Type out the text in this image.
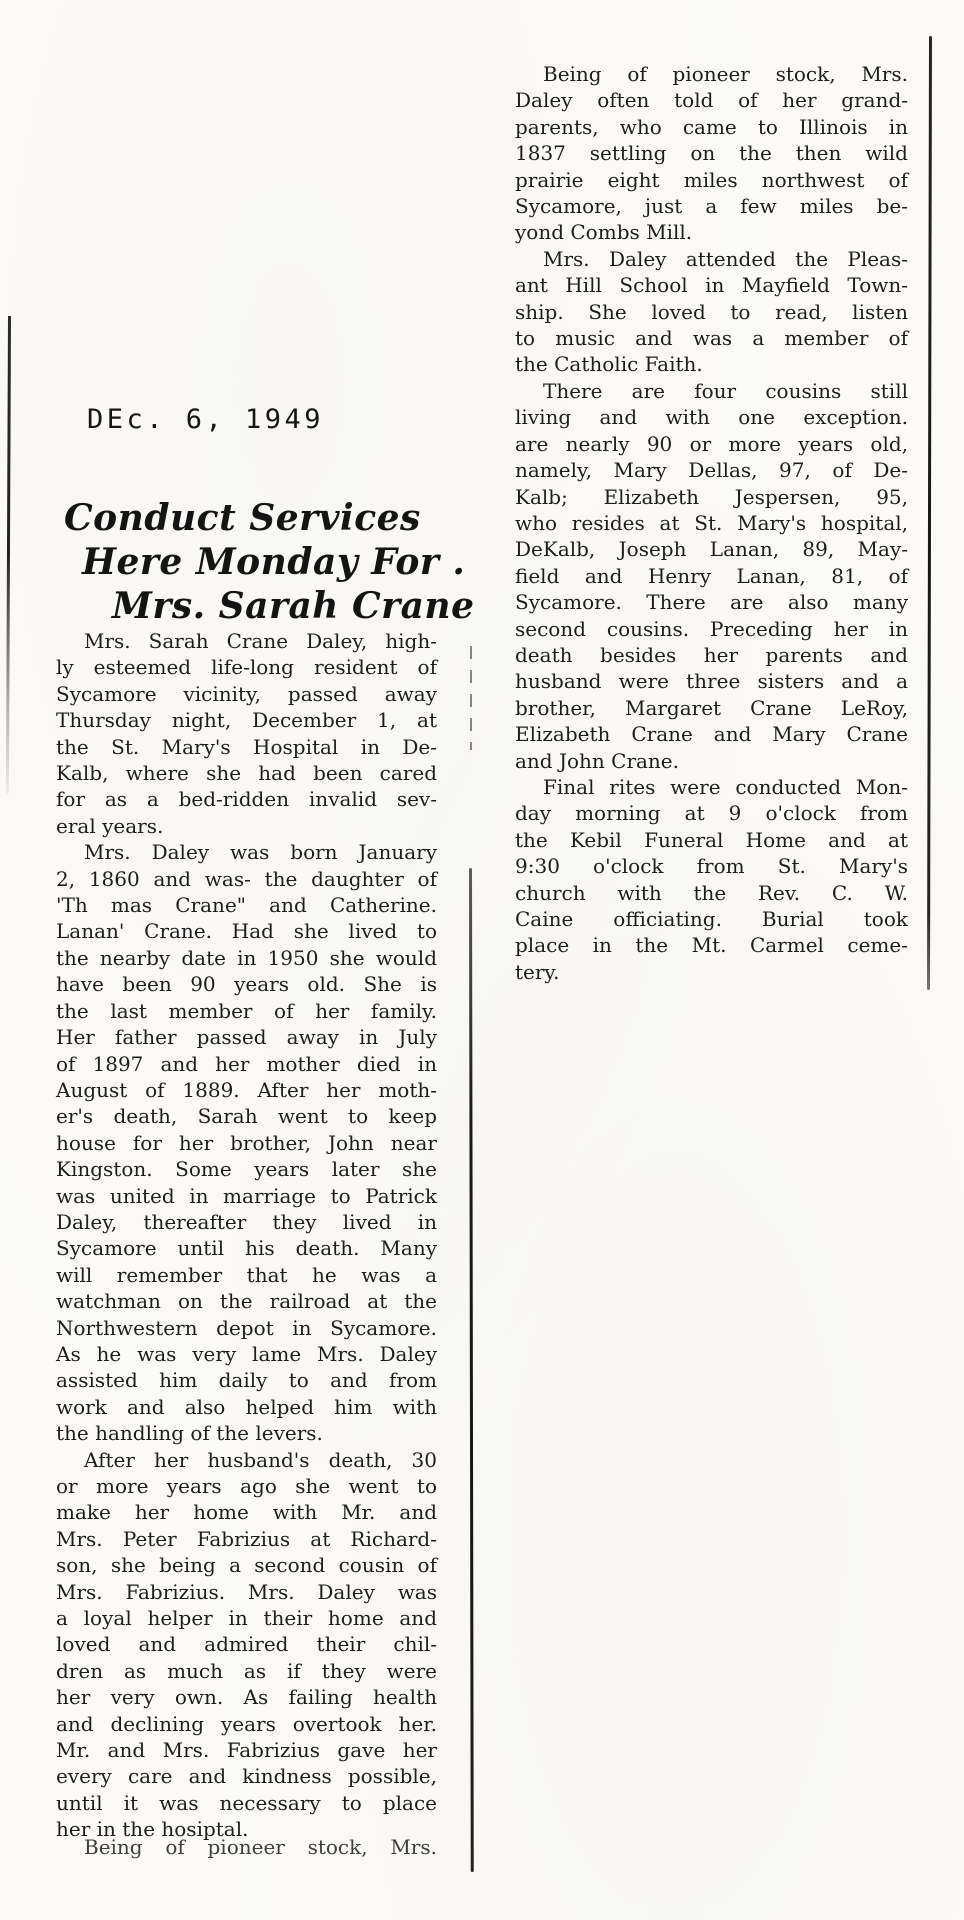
DEc. 6, 1949
Conduct Services
Here Monday For .
Mrs. Sarah Crane
Mrs. Sarah Crane Daley, high-
ly esteemed life-long resident of
Sycamore vicinity, passed away
Thursday night, December 1, at
the St. Mary's Hospital in De-
Kalb, where she had been cared
for as a bed-ridden invalid sev-
eral years.
Mrs. Daley was born January
2, 1860 and was- the daughter of
'Th mas Crane" and Catherine.
Lanan' Crane. Had she lived to
the nearby date in 1950 she would
have been 90 years old. She is
the last member of her family.
Her father passed away in July
of 1897 and her mother died in
August of 1889. After her moth-
er's death, Sarah went to keep
house for her brother, John near
Kingston. Some years later she
was united in marriage to Patrick
Daley, thereafter they lived in
Sycamore until his death. Many
will remember that he was a
watchman on the railroad at the
Northwestern depot in Sycamore.
As he was very lame Mrs. Daley
assisted him daily to and from
work and also helped him with
the handling of the levers.
After her husband's death, 30
or more years ago she went to
make her home with Mr. and
Mrs. Peter Fabrizius at Richard-
son, she being a second cousin of
Mrs. Fabrizius. Mrs. Daley was
a loyal helper in their home and
loved and admired their chil-
dren as much as if they were
her very own. As failing health
and declining years overtook her.
Mr. and Mrs. Fabrizius gave her
every care and kindness possible,
until it was necessary to place
her in the hosiptal.
Being of pioneer stock, Mrs.
Daley often told of her grand-
parents, who came to Illinois in
1837 settling on the then wild
prairie eight miles northwest of
Sycamore, just a few miles be-
yond Combs Mill.
Mrs. Daley attended the Pleas-
ant Hill School in Mayfield Town-
ship. She loved to read, listen
to music and was a member of
the Catholic Faith.
There are four cousins still
living and with one exception.
are nearly 90 or more years old,
namely, Mary Dellas, 97, of De-
Kalb; Elizabeth Jespersen, 95,
who resides at St. Mary's hospital,
DeKalb, Joseph Lanan, 89, May-
field and Henry Lanan, 81, of
Sycamore. There are also many
second cousins. Preceding her in
death besides her parents and
husband were three sisters and a
brother, Margaret Crane LeRoy,
Elizabeth Crane and Mary Crane
and John Crane.
Final rites were conducted Mon-
day morning at 9 o'clock from
the Kebil Funeral Home and at
9:30 o'clock from St. Mary's
church with the Rev. C. W.
Caine officiating. Burial took
place in the Mt. Carmel ceme-
tery.
Being of pioneer stock, Mrs.
